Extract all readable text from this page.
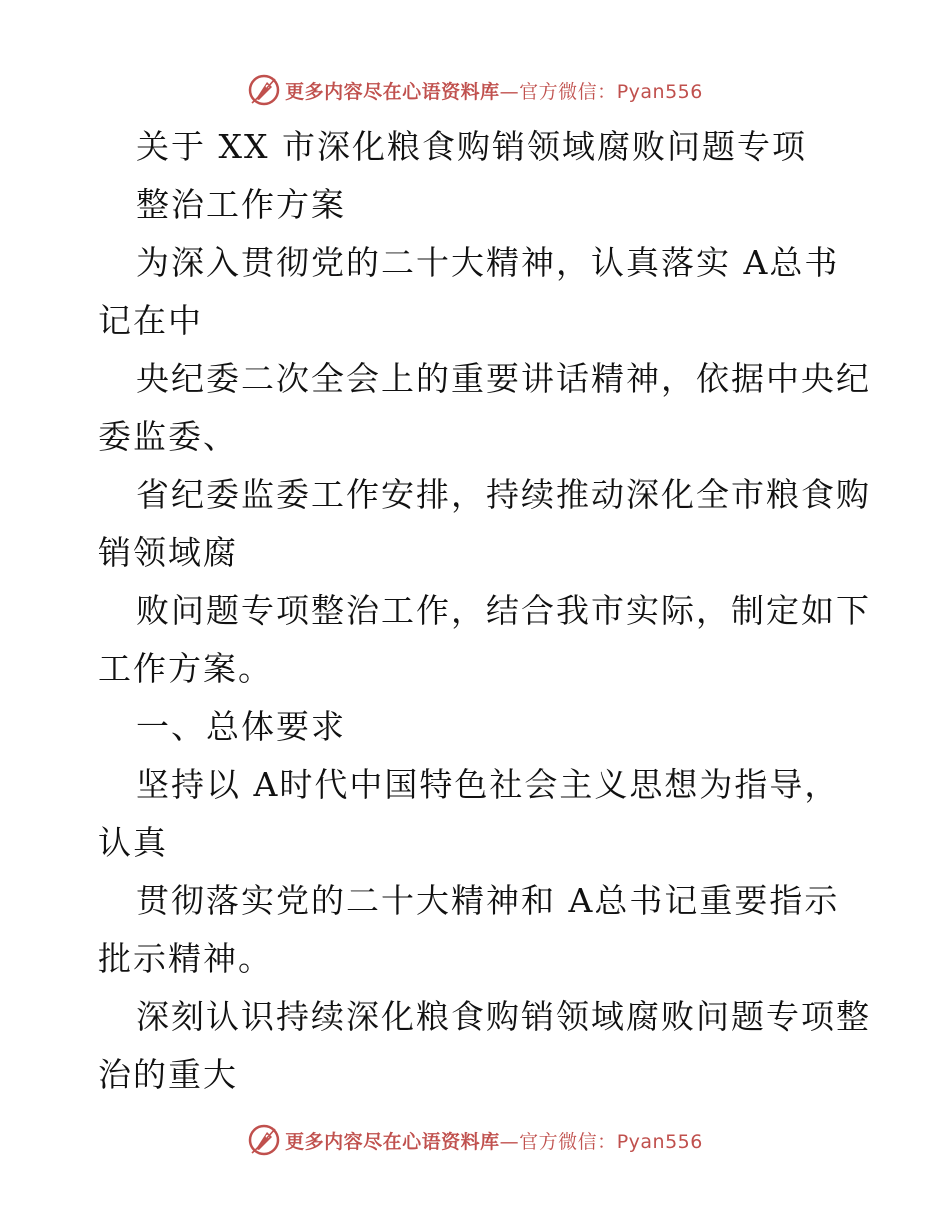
更多内容尽在心语资料库—官方微信：Pyan556
关于 XX 市深化粮食购销领域腐败问题专项
整治工作方案
为深入贯彻党的二十大精神，认真落实 A总书
记在中
央纪委二次全会上的重要讲话精神，依据中央纪
委监委、
省纪委监委工作安排，持续推动深化全市粮食购
销领域腐
败问题专项整治工作，结合我市实际，制定如下
工作方案。
一、总体要求
坚持以 A时代中国特色社会主义思想为指导，
认真
贯彻落实党的二十大精神和 A总书记重要指示
批示精神。
深刻认识持续深化粮食购销领域腐败问题专项整
治的重大
更多内容尽在心语资料库—官方微信：Pyan556
